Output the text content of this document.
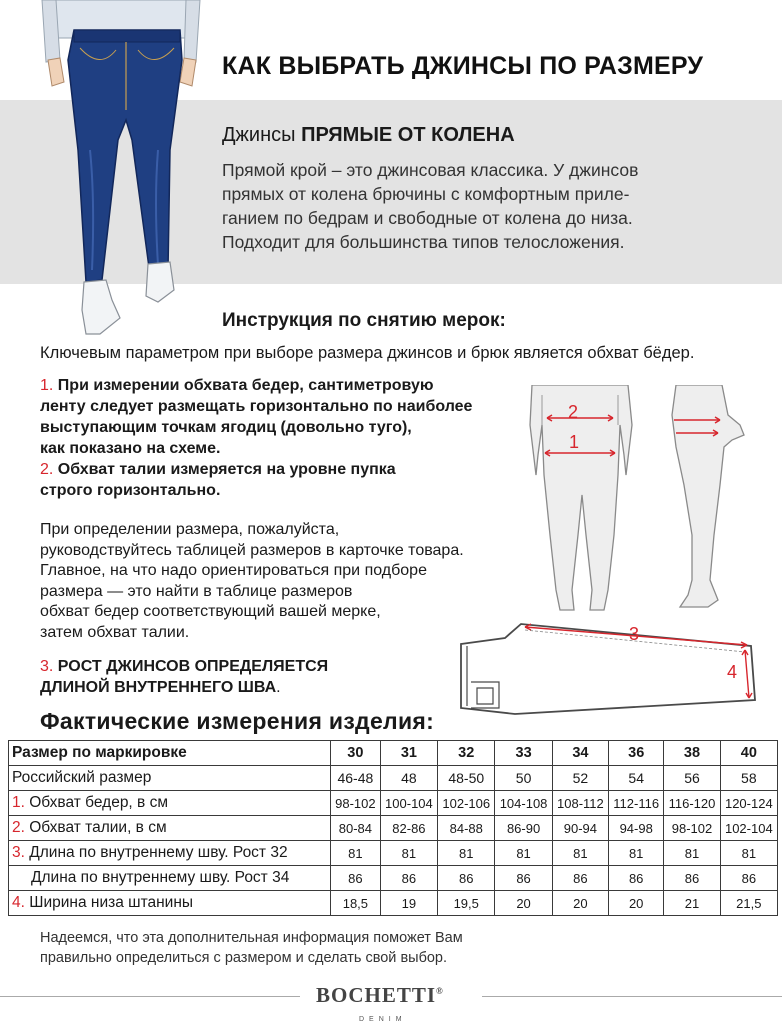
КАК ВЫБРАТЬ ДЖИНСЫ ПО РАЗМЕРУ
Джинсы ПРЯМЫЕ ОТ КОЛЕНА
Прямой крой – это джинсовая классика. У джинсов
прямых от колена брючины с комфортным приле-
ганием по бедрам и свободные от колена до низа.
Подходит для большинства типов телосложения.
Инструкция по снятию мерок:
Ключевым параметром при выборе размера джинсов и брюк является обхват бёдер.
1. При измерении обхвата бедер, сантиметровую
ленту следует размещать горизонтально по наиболее
выступающим точкам ягодиц (довольно туго),
как показано на схеме.
2. Обхват талии измеряется на уровне пупка
строго горизонтально.
При определении размера, пожалуйста,
руководствуйтесь таблицей размеров в карточке товара.
Главное, на что надо ориентироваться при подборе
размера — это найти в таблице размеров
обхват бедер соответствующий вашей мерке,
затем обхват талии.
3. РОСТ ДЖИНСОВ ОПРЕДЕЛЯЕТСЯ
ДЛИНОЙ ВНУТРЕННЕГО ШВА.
2
1
3
4
Фактические измерения изделия:
Размер по маркировке	30	31	32	33	34	36	38	40
Российский размер	46-48	48	48-50	50	52	54	56	58
1. Обхват бедер, в см	98-102	100-104	102-106	104-108	108-112	112-116	116-120	120-124
2. Обхват талии, в см	80-84	82-86	84-88	86-90	90-94	94-98	98-102	102-104
3. Длина по внутреннему шву. Рост 32	81	81	81	81	81	81	81	81
Длина по внутреннему шву. Рост 34	86	86	86	86	86	86	86	86
4. Ширина низа штанины	18,5	19	19,5	20	20	20	21	21,5
Надеемся, что эта дополнительная информация поможет Вам
правильно определиться с размером и сделать свой выбор.
BOCHETTI®
DENIM
